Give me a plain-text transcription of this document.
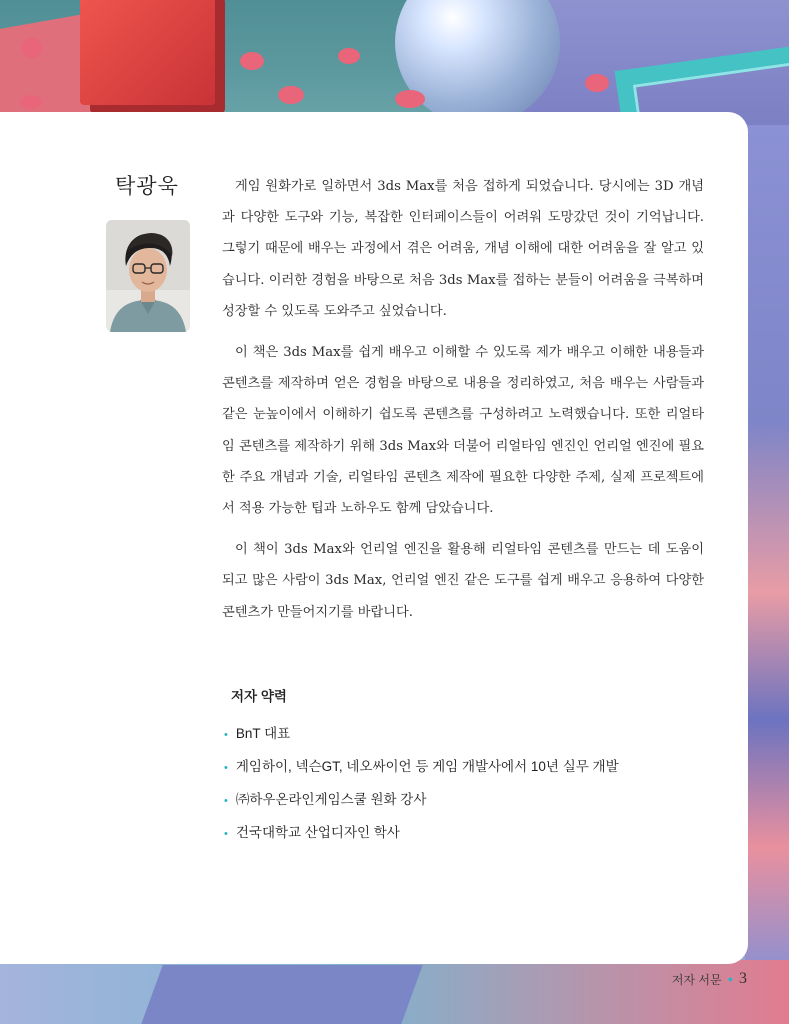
탁광욱	게임 원화가로 일하면서 3ds Max를 처음 접하게 되었습니다. 당시에는 3D 개념과 다양한 도구와 기능, 복잡한 인터페이스들이 어려워 도망갔던 것이 기억납니다. 그렇기 때문에 배우는 과정에서 겪은 어려움, 개념 이해에 대한 어려움을 잘 알고 있습니다. 이러한 경험을 바탕으로 처음 3ds Max를 접하는 분들이 어려움을 극복하며 성장할 수 있도록 도와주고 싶었습니다.

이 책은 3ds Max를 쉽게 배우고 이해할 수 있도록 제가 배우고 이해한 내용들과 콘텐츠를 제작하며 얻은 경험을 바탕으로 내용을 정리하였고, 처음 배우는 사람들과 같은 눈높이에서 이해하기 쉽도록 콘텐츠를 구성하려고 노력했습니다. 또한 리얼타임 콘텐츠를 제작하기 위해 3ds Max와 더불어 리얼타임 엔진인 언리얼 엔진에 필요한 주요 개념과 기술, 리얼타임 콘텐츠 제작에 필요한 다양한 주제, 실제 프로젝트에서 적용 가능한 팁과 노하우도 함께 담았습니다.

이 책이 3ds Max와 언리얼 엔진을 활용해 리얼타임 콘텐츠를 만드는 데 도움이 되고 많은 사람이 3ds Max, 언리얼 엔진 같은 도구를 쉽게 배우고 응용하여 다양한 콘텐츠가 만들어지기를 바랍니다.

저자 약력
• BnT 대표
• 게임하이, 넥슨GT, 네오싸이언 등 게임 개발사에서 10년 실무 개발
• ㈜하우온라인게임스쿨 원화 강사
• 건국대학교 산업디자인 학사
저자 서문 ● 3
